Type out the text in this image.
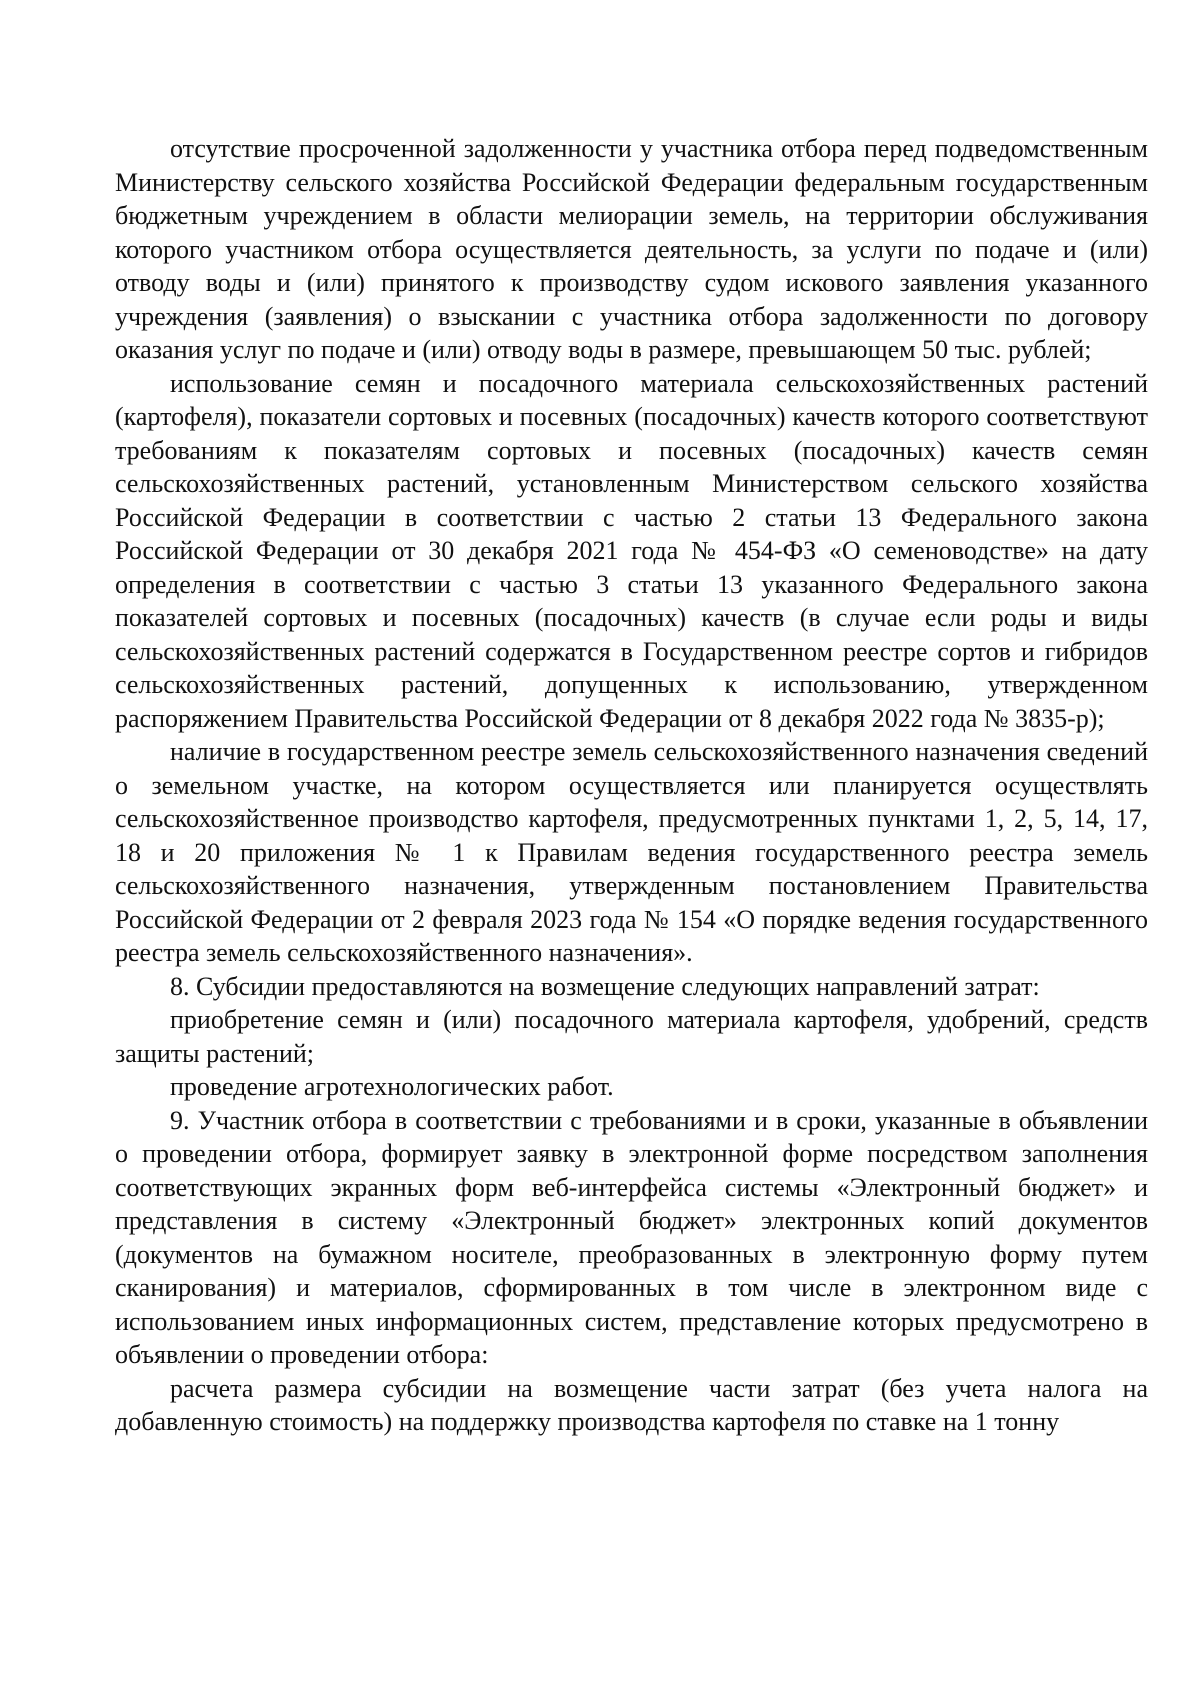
отсутствие просроченной задолженности у участника отбора перед подведомственным Министерству сельского хозяйства Российской Федерации федеральным государственным бюджетным учреждением в области мелиорации земель, на территории обслуживания которого участником отбора осуществляется деятельность, за услуги по подаче и (или) отводу воды и (или) принятого к производству судом искового заявления указанного учреждения (заявления) о взыскании с участника отбора задолженности по договору оказания услуг по подаче и (или) отводу воды в размере, превышающем 50 тыс. рублей;

использование семян и посадочного материала сельскохозяйственных растений (картофеля), показатели сортовых и посевных (посадочных) качеств которого соответствуют требованиям к показателям сортовых и посевных (посадочных) качеств семян сельскохозяйственных растений, установленным Министерством сельского хозяйства Российской Федерации в соответствии с частью 2 статьи 13 Федерального закона Российской Федерации от 30 декабря 2021 года № 454-ФЗ «О семеноводстве» на дату определения в соответствии с частью 3 статьи 13 указанного Федерального закона показателей сортовых и посевных (посадочных) качеств (в случае если роды и виды сельскохозяйственных растений содержатся в Государственном реестре сортов и гибридов сельскохозяйственных растений, допущенных к использованию, утвержденном распоряжением Правительства Российской Федерации от 8 декабря 2022 года № 3835-р);

наличие в государственном реестре земель сельскохозяйственного назначения сведений о земельном участке, на котором осуществляется или планируется осуществлять сельскохозяйственное производство картофеля, предусмотренных пунктами 1, 2, 5, 14, 17, 18 и 20 приложения № 1 к Правилам ведения государственного реестра земель сельскохозяйственного назначения, утвержденным постановлением Правительства Российской Федерации от 2 февраля 2023 года № 154 «О порядке ведения государственного реестра земель сельскохозяйственного назначения».

8. Субсидии предоставляются на возмещение следующих направлений затрат:

приобретение семян и (или) посадочного материала картофеля, удобрений, средств защиты растений;

проведение агротехнологических работ.

9. Участник отбора в соответствии с требованиями и в сроки, указанные в объявлении о проведении отбора, формирует заявку в электронной форме посредством заполнения соответствующих экранных форм веб-интерфейса системы «Электронный бюджет» и представления в систему «Электронный бюджет» электронных копий документов (документов на бумажном носителе, преобразованных в электронную форму путем сканирования) и материалов, сформированных в том числе в электронном виде с использованием иных информационных систем, представление которых предусмотрено в объявлении о проведении отбора:

расчета размера субсидии на возмещение части затрат (без учета налога на добавленную стоимость) на поддержку производства картофеля по ставке на 1 тонну
